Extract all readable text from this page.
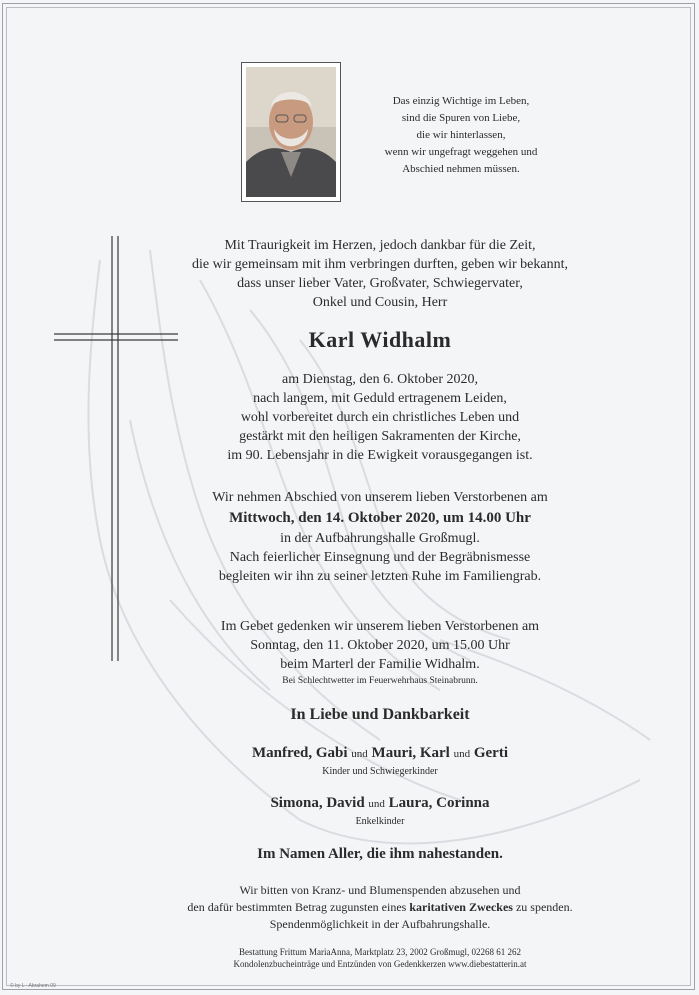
Das einzig Wichtige im Leben,
sind die Spuren von Liebe,
die wir hinterlassen,
wenn wir ungefragt weggehen und
Abschied nehmen müssen.
Mit Traurigkeit im Herzen, jedoch dankbar für die Zeit,
die wir gemeinsam mit ihm verbringen durften, geben wir bekannt,
dass unser lieber Vater, Großvater, Schwiegervater,
Onkel und Cousin, Herr
Karl Widhalm
am Dienstag, den 6. Oktober 2020,
nach langem, mit Geduld ertragenem Leiden,
wohl vorbereitet durch ein christliches Leben und
gestärkt mit den heiligen Sakramenten der Kirche,
im 90. Lebensjahr in die Ewigkeit vorausgegangen ist.
Wir nehmen Abschied von unserem lieben Verstorbenen am
Mittwoch, den 14. Oktober 2020, um 14.00 Uhr
in der Aufbahrungshalle Großmugl.
Nach feierlicher Einsegnung und der Begräbnismesse
begleiten wir ihn zu seiner letzten Ruhe im Familiengrab.
Im Gebet gedenken wir unserem lieben Verstorbenen am
Sonntag, den 11. Oktober 2020, um 15.00 Uhr
beim Marterl der Familie Widhalm.
Bei Schlechtwetter im Feuerwehrhaus Steinabrunn.
In Liebe und Dankbarkeit
Manfred, Gabi und Mauri, Karl und Gerti
Kinder und Schwiegerkinder
Simona, David und Laura, Corinna
Enkelkinder
Im Namen Aller, die ihm nahestanden.
Wir bitten von Kranz- und Blumenspenden abzusehen und
den dafür bestimmten Betrag zugunsten eines karitativen Zweckes zu spenden.
Spendenmöglichkeit in der Aufbahrungshalle.
Bestattung Frittum MariaAnna, Marktplatz 23, 2002 Großmugl, 02268 61 262
Kondolenzbucheinträge und Entzünden von Gedenkkerzen www.diebestatterin.at
© by L - Abrahem 09
